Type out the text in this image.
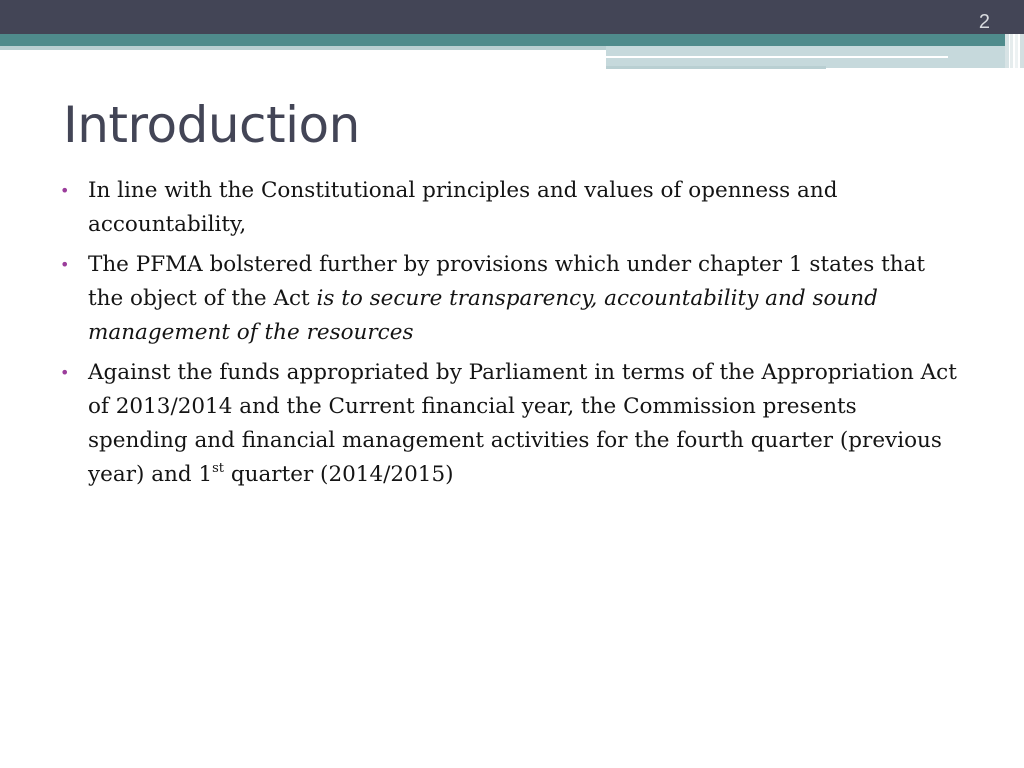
2
Introduction
• In line with the Constitutional principles and values of openness and accountability,
• The PFMA bolstered further by provisions which under chapter 1 states that the object of the Act is to secure transparency, accountability and sound management of the resources
• Against the funds appropriated by Parliament in terms of the Appropriation Act of 2013/2014 and the Current financial year, the Commission presents spending and financial management activities for the fourth quarter (previous year) and 1st quarter (2014/2015)
